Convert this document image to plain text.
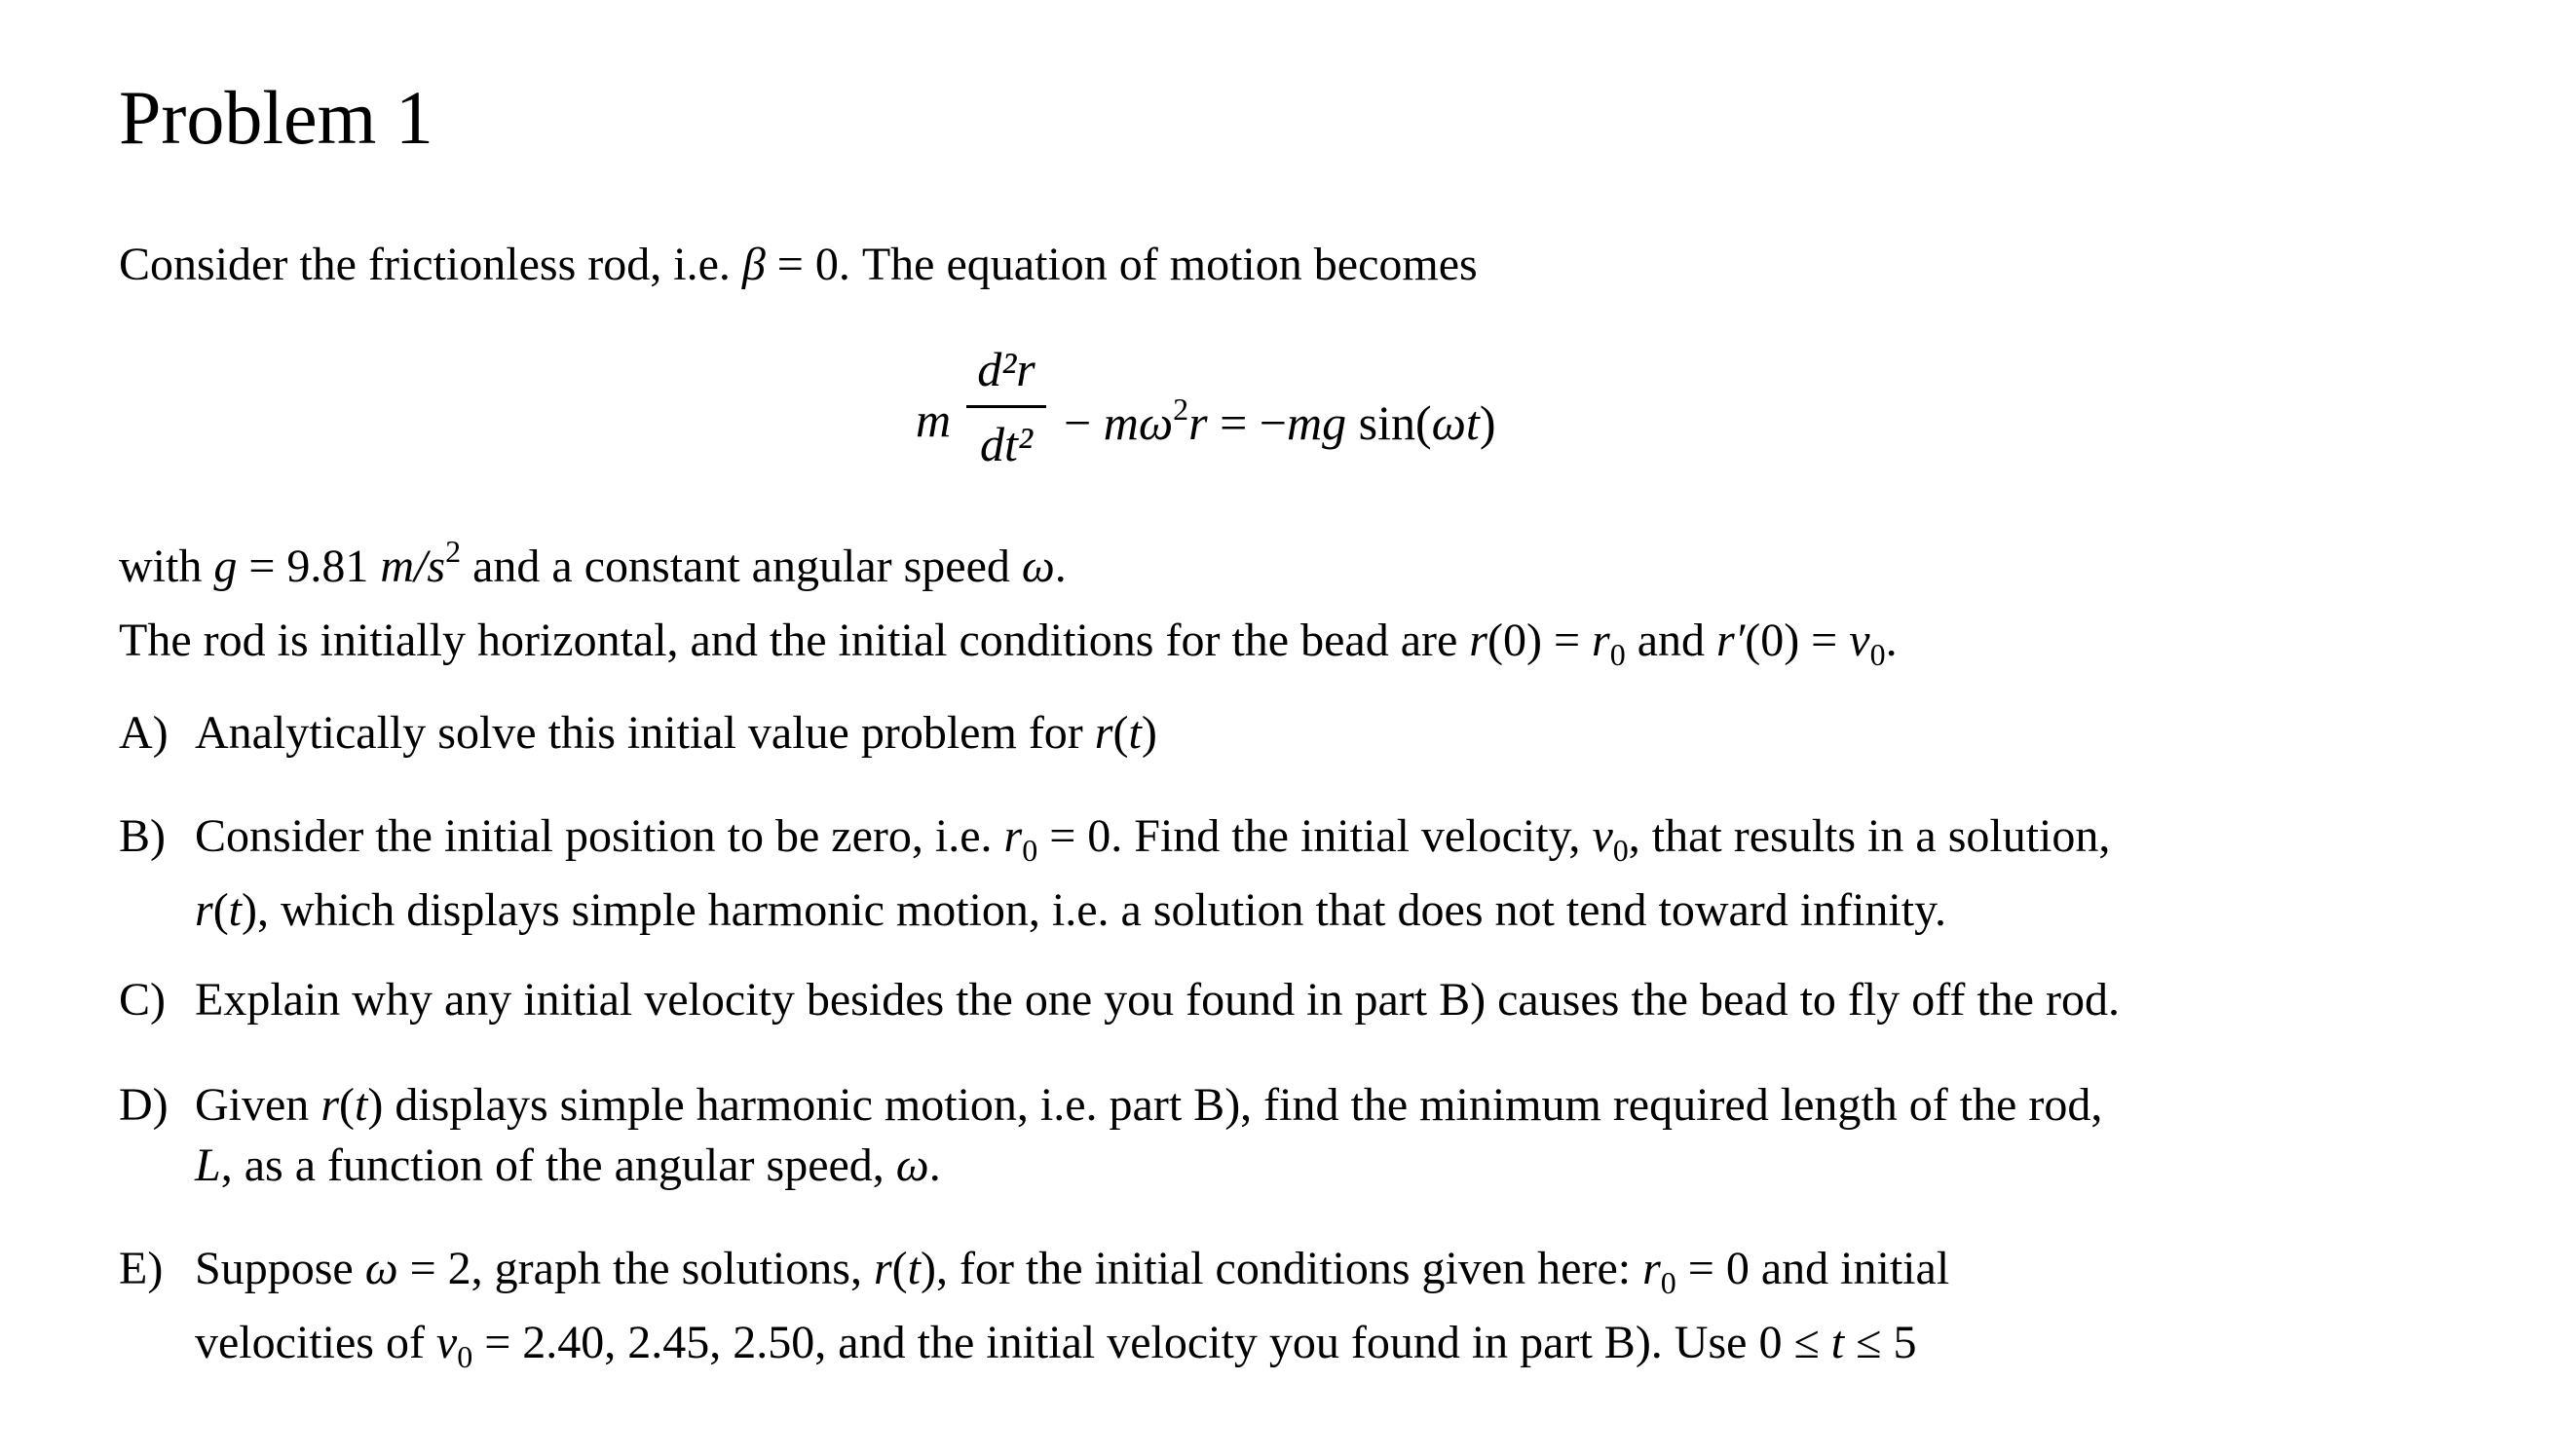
Problem 1
Consider the frictionless rod, i.e. β = 0. The equation of motion becomes
m
d²r
$dt^2 - m\omega^2r = -mg$ sin(ωt)
with g = 9.81 $m/s^2$ and a constant angular speed ω.
The rod is initially horizontal, and the initial conditions for the bead are $r(0) = r_0$ and $r'(0) = v_0$.
A) Analytically solve this initial value problem for r(t)
B) Consider the initial position to be zero, i.e. $r_0 = 0$. Find the initial velocity, $v_0$, that results in a solution,
r(t), which displays simple harmonic motion, i.e. a solution that does not tend toward infinity.
C) Explain why any initial velocity besides the one you found in part B) causes the bead to fly off the rod.
D) Given r(t) displays simple harmonic motion, i.e. part B), find the minimum required length of the rod,
L, as a function of the angular speed, ω.
E) Suppose ω = 2, graph the solutions, r(t), for the initial conditions given here: $r_0 = 0$ and initial
velocities of $v_0 = 2.40$, 2.45, 2.50, and the initial velocity you found in part B). Use 0 ≤ t ≤ 5
